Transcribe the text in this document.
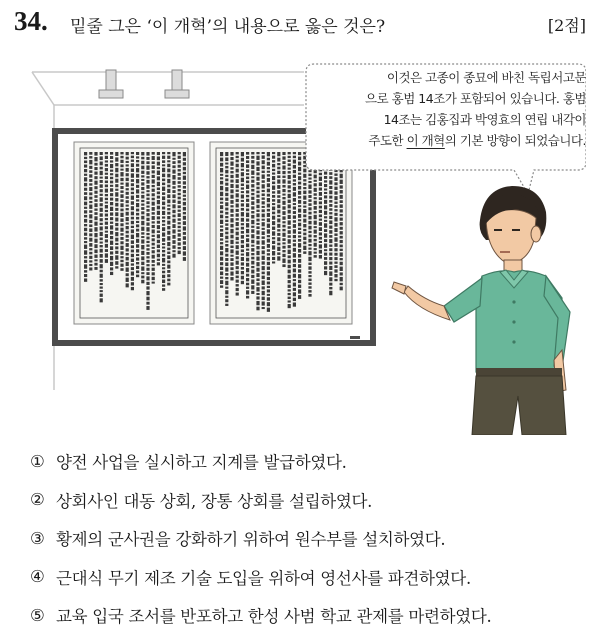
34. 밑줄 그은 ‘이 개혁’의 내용으로 옳은 것은?	[2점]
이것은 고종이 종묘에 바친 독립서고문
으로 홍범 14조가 포함되어 있습니다. 홍범
14조는 김홍집과 박영효의 연립 내각이
주도한 이 개혁의 기본 방향이 되었습니다.
① 양전 사업을 실시하고 지계를 발급하였다.
② 상회사인 대동 상회, 장통 상회를 설립하였다.
③ 황제의 군사권을 강화하기 위하여 원수부를 설치하였다.
④ 근대식 무기 제조 기술 도입을 위하여 영선사를 파견하였다.
⑤ 교육 입국 조서를 반포하고 한성 사범 학교 관제를 마련하였다.
